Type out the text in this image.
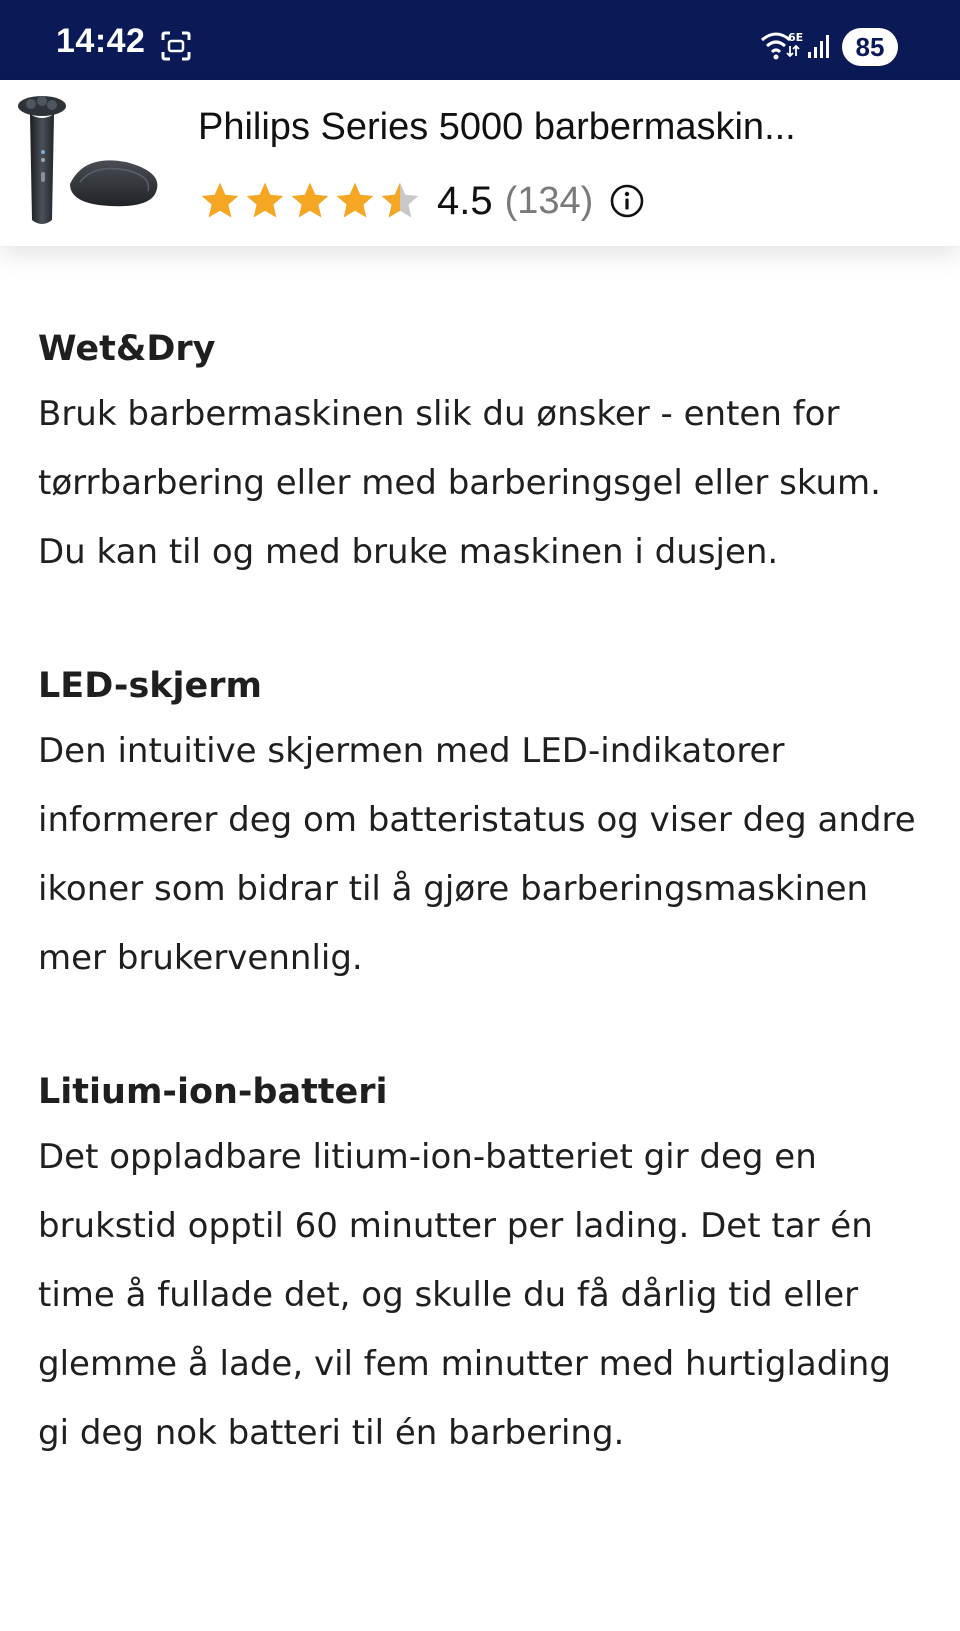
14:42	6E	85
Philips Series 5000 barbermaskin...
4.5 (134)
Wet&Dry

Bruk barbermaskinen slik du ønsker - enten for tørrbarbering eller med barberingsgel eller skum. Du kan til og med bruke maskinen i dusjen.

LED-skjerm

Den intuitive skjermen med LED-indikatorer informerer deg om batteristatus og viser deg andre ikoner som bidrar til å gjøre barberingsmaskinen mer brukervennlig.

Litium-ion-batteri

Det oppladbare litium-ion-batteriet gir deg en brukstid opptil 60 minutter per lading. Det tar én time å fullade det, og skulle du få dårlig tid eller glemme å lade, vil fem minutter med hurtiglading gi deg nok batteri til én barbering.
